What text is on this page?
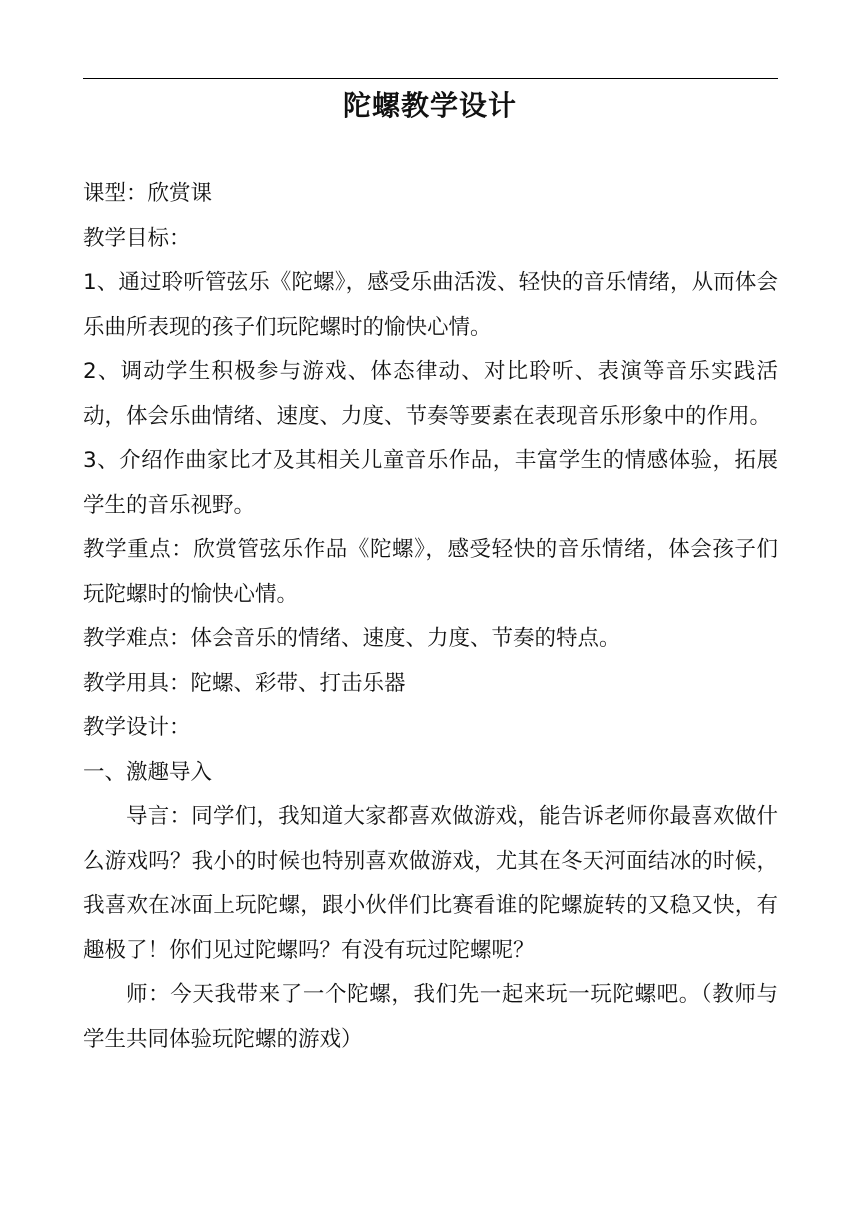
陀螺教学设计

课型：欣赏课

教学目标：

1、通过聆听管弦乐《陀螺》，感受乐曲活泼、轻快的音乐情绪，从而体会乐曲所表现的孩子们玩陀螺时的愉快心情。

2、调动学生积极参与游戏、体态律动、对比聆听、表演等音乐实践活动，体会乐曲情绪、速度、力度、节奏等要素在表现音乐形象中的作用。

3、介绍作曲家比才及其相关儿童音乐作品，丰富学生的情感体验，拓展学生的音乐视野。

教学重点：欣赏管弦乐作品《陀螺》，感受轻快的音乐情绪，体会孩子们玩陀螺时的愉快心情。

教学难点：体会音乐的情绪、速度、力度、节奏的特点。

教学用具：陀螺、彩带、打击乐器

教学设计：

一、激趣导入

导言：同学们，我知道大家都喜欢做游戏，能告诉老师你最喜欢做什么游戏吗？我小的时候也特别喜欢做游戏，尤其在冬天河面结冰的时候，我喜欢在冰面上玩陀螺，跟小伙伴们比赛看谁的陀螺旋转的又稳又快，有趣极了！你们见过陀螺吗？有没有玩过陀螺呢？

师：今天我带来了一个陀螺，我们先一起来玩一玩陀螺吧。（教师与学生共同体验玩陀螺的游戏）
